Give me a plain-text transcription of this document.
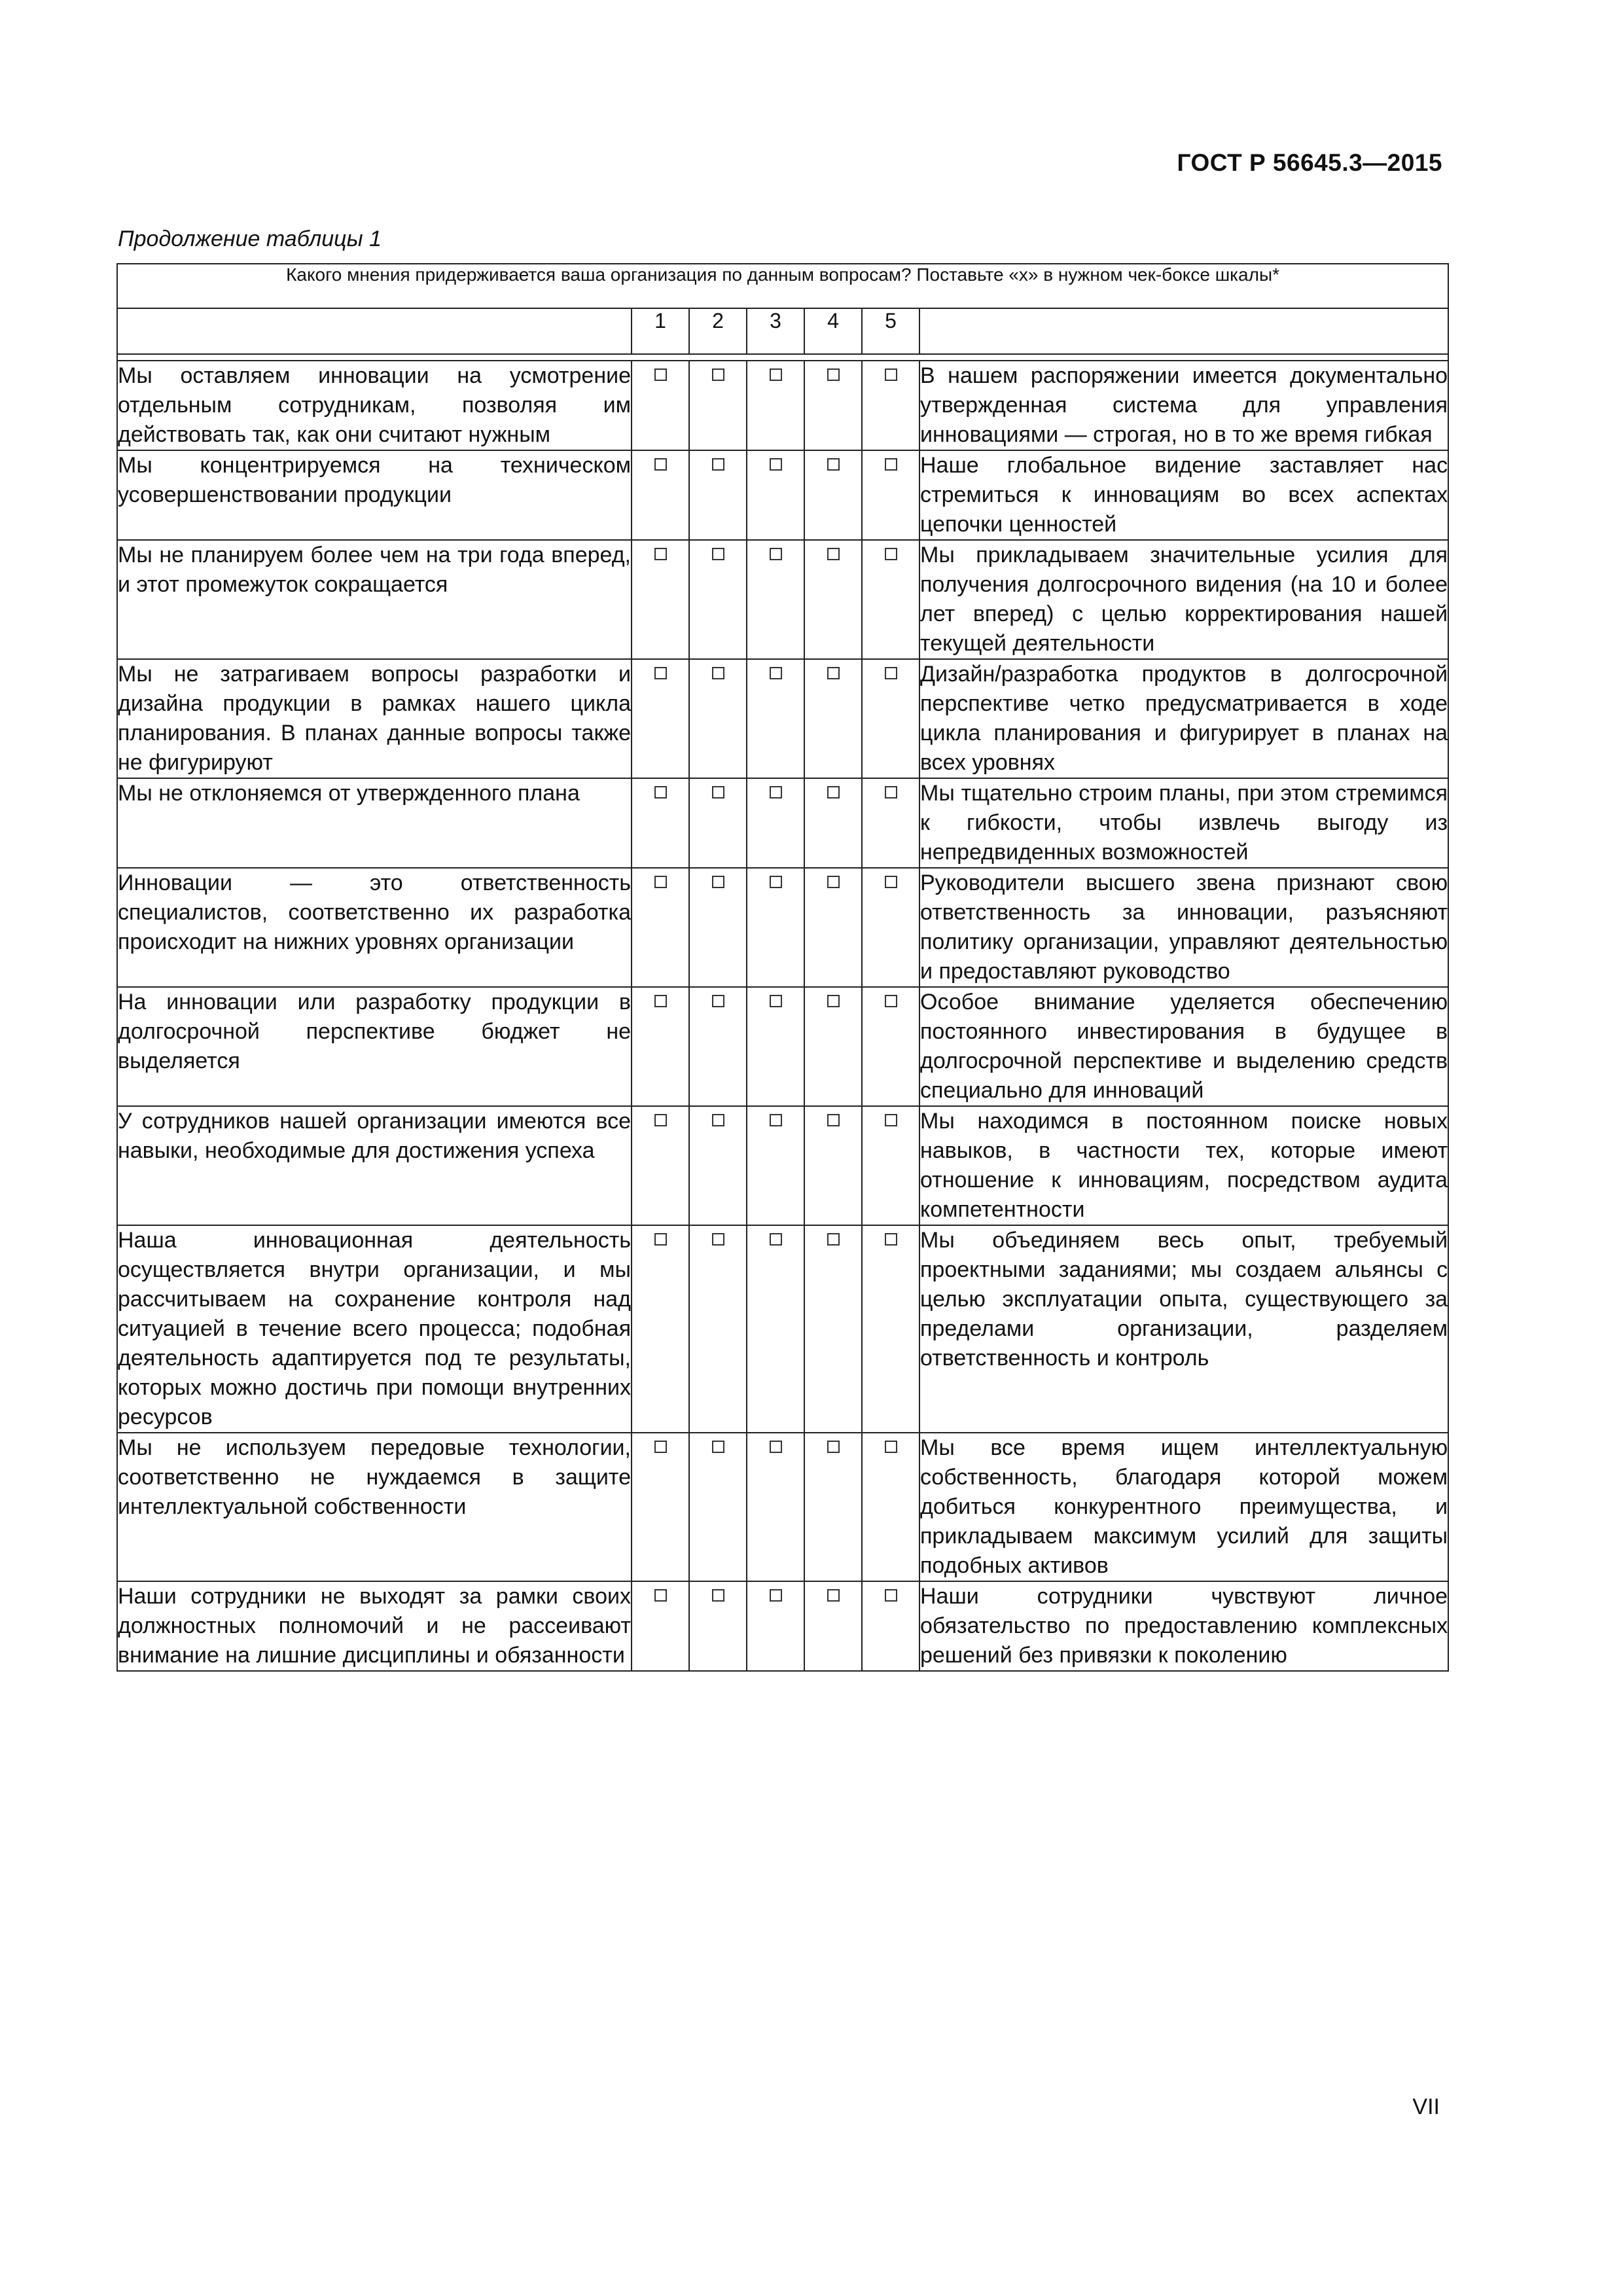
ГОСТ Р 56645.3—2015
Продолжение таблицы 1
Какого мнения придерживается ваша организация по данным вопросам? Поставьте «х» в нужном чек-боксе шкалы*						
	1	2	3	4	5	

Мы оставляем инновации на усмотрение отдельным сотрудникам, позволяя им действовать так, как они считают нужным						В нашем распоряжении имеется документально утвержденная система для управления инновациями — строгая, но в то же время гибкая
Мы концентрируемся на техническом усовершенствовании продукции						Наше глобальное видение заставляет нас стремиться к инновациям во всех аспектах цепочки ценностей
Мы не планируем более чем на три года вперед, и этот промежуток сокращается						Мы прикладываем значительные усилия для получения долгосрочного видения (на 10 и более лет вперед) с целью корректирования нашей текущей деятельности
Мы не затрагиваем вопросы разработки и дизайна продукции в рамках нашего цикла планирования. В планах данные вопросы также не фигурируют						Дизайн/разработка продуктов в долгосрочной перспективе четко предусматривается в ходе цикла планирования и фигурирует в планах на всех уровнях
Мы не отклоняемся от утвержденного плана						Мы тщательно строим планы, при этом стремимся к гибкости, чтобы извлечь выгоду из непредвиденных возможностей
Инновации — это ответственность специалистов, соответственно их разработка происходит на нижних уровнях организации						Руководители высшего звена признают свою ответственность за инновации, разъясняют политику организации, управляют деятельностью и предоставляют руководство
На инновации или разработку продукции в долгосрочной перспективе бюджет не выделяется						Особое внимание уделяется обеспечению постоянного инвестирования в будущее в долгосрочной перспективе и выделению средств специально для инноваций
У сотрудников нашей организации имеются все навыки, необходимые для достижения успеха						Мы находимся в постоянном поиске новых навыков, в частности тех, которые имеют отношение к инновациям, посредством аудита компетентности
Наша инновационная деятельность осуществляется внутри организации, и мы рассчитываем на сохранение контроля над ситуацией в течение всего процесса; подобная деятельность адаптируется под те результаты, которых можно достичь при помощи внутренних ресурсов						Мы объединяем весь опыт, требуемый проектными заданиями; мы создаем альянсы с целью эксплуатации опыта, существующего за пределами организации, разделяем ответственность и контроль
Мы не используем передовые технологии, соответственно не нуждаемся в защите интеллектуальной собственности						Мы все время ищем интеллектуальную собственность, благодаря которой можем добиться конкурентного преимущества, и прикладываем максимум усилий для защиты подобных активов
Наши сотрудники не выходят за рамки своих должностных полномочий и не рассеивают внимание на лишние дисциплины и обязанности						Наши сотрудники чувствуют личное обязательство по предоставлению комплексных решений без привязки к поколению
VII
